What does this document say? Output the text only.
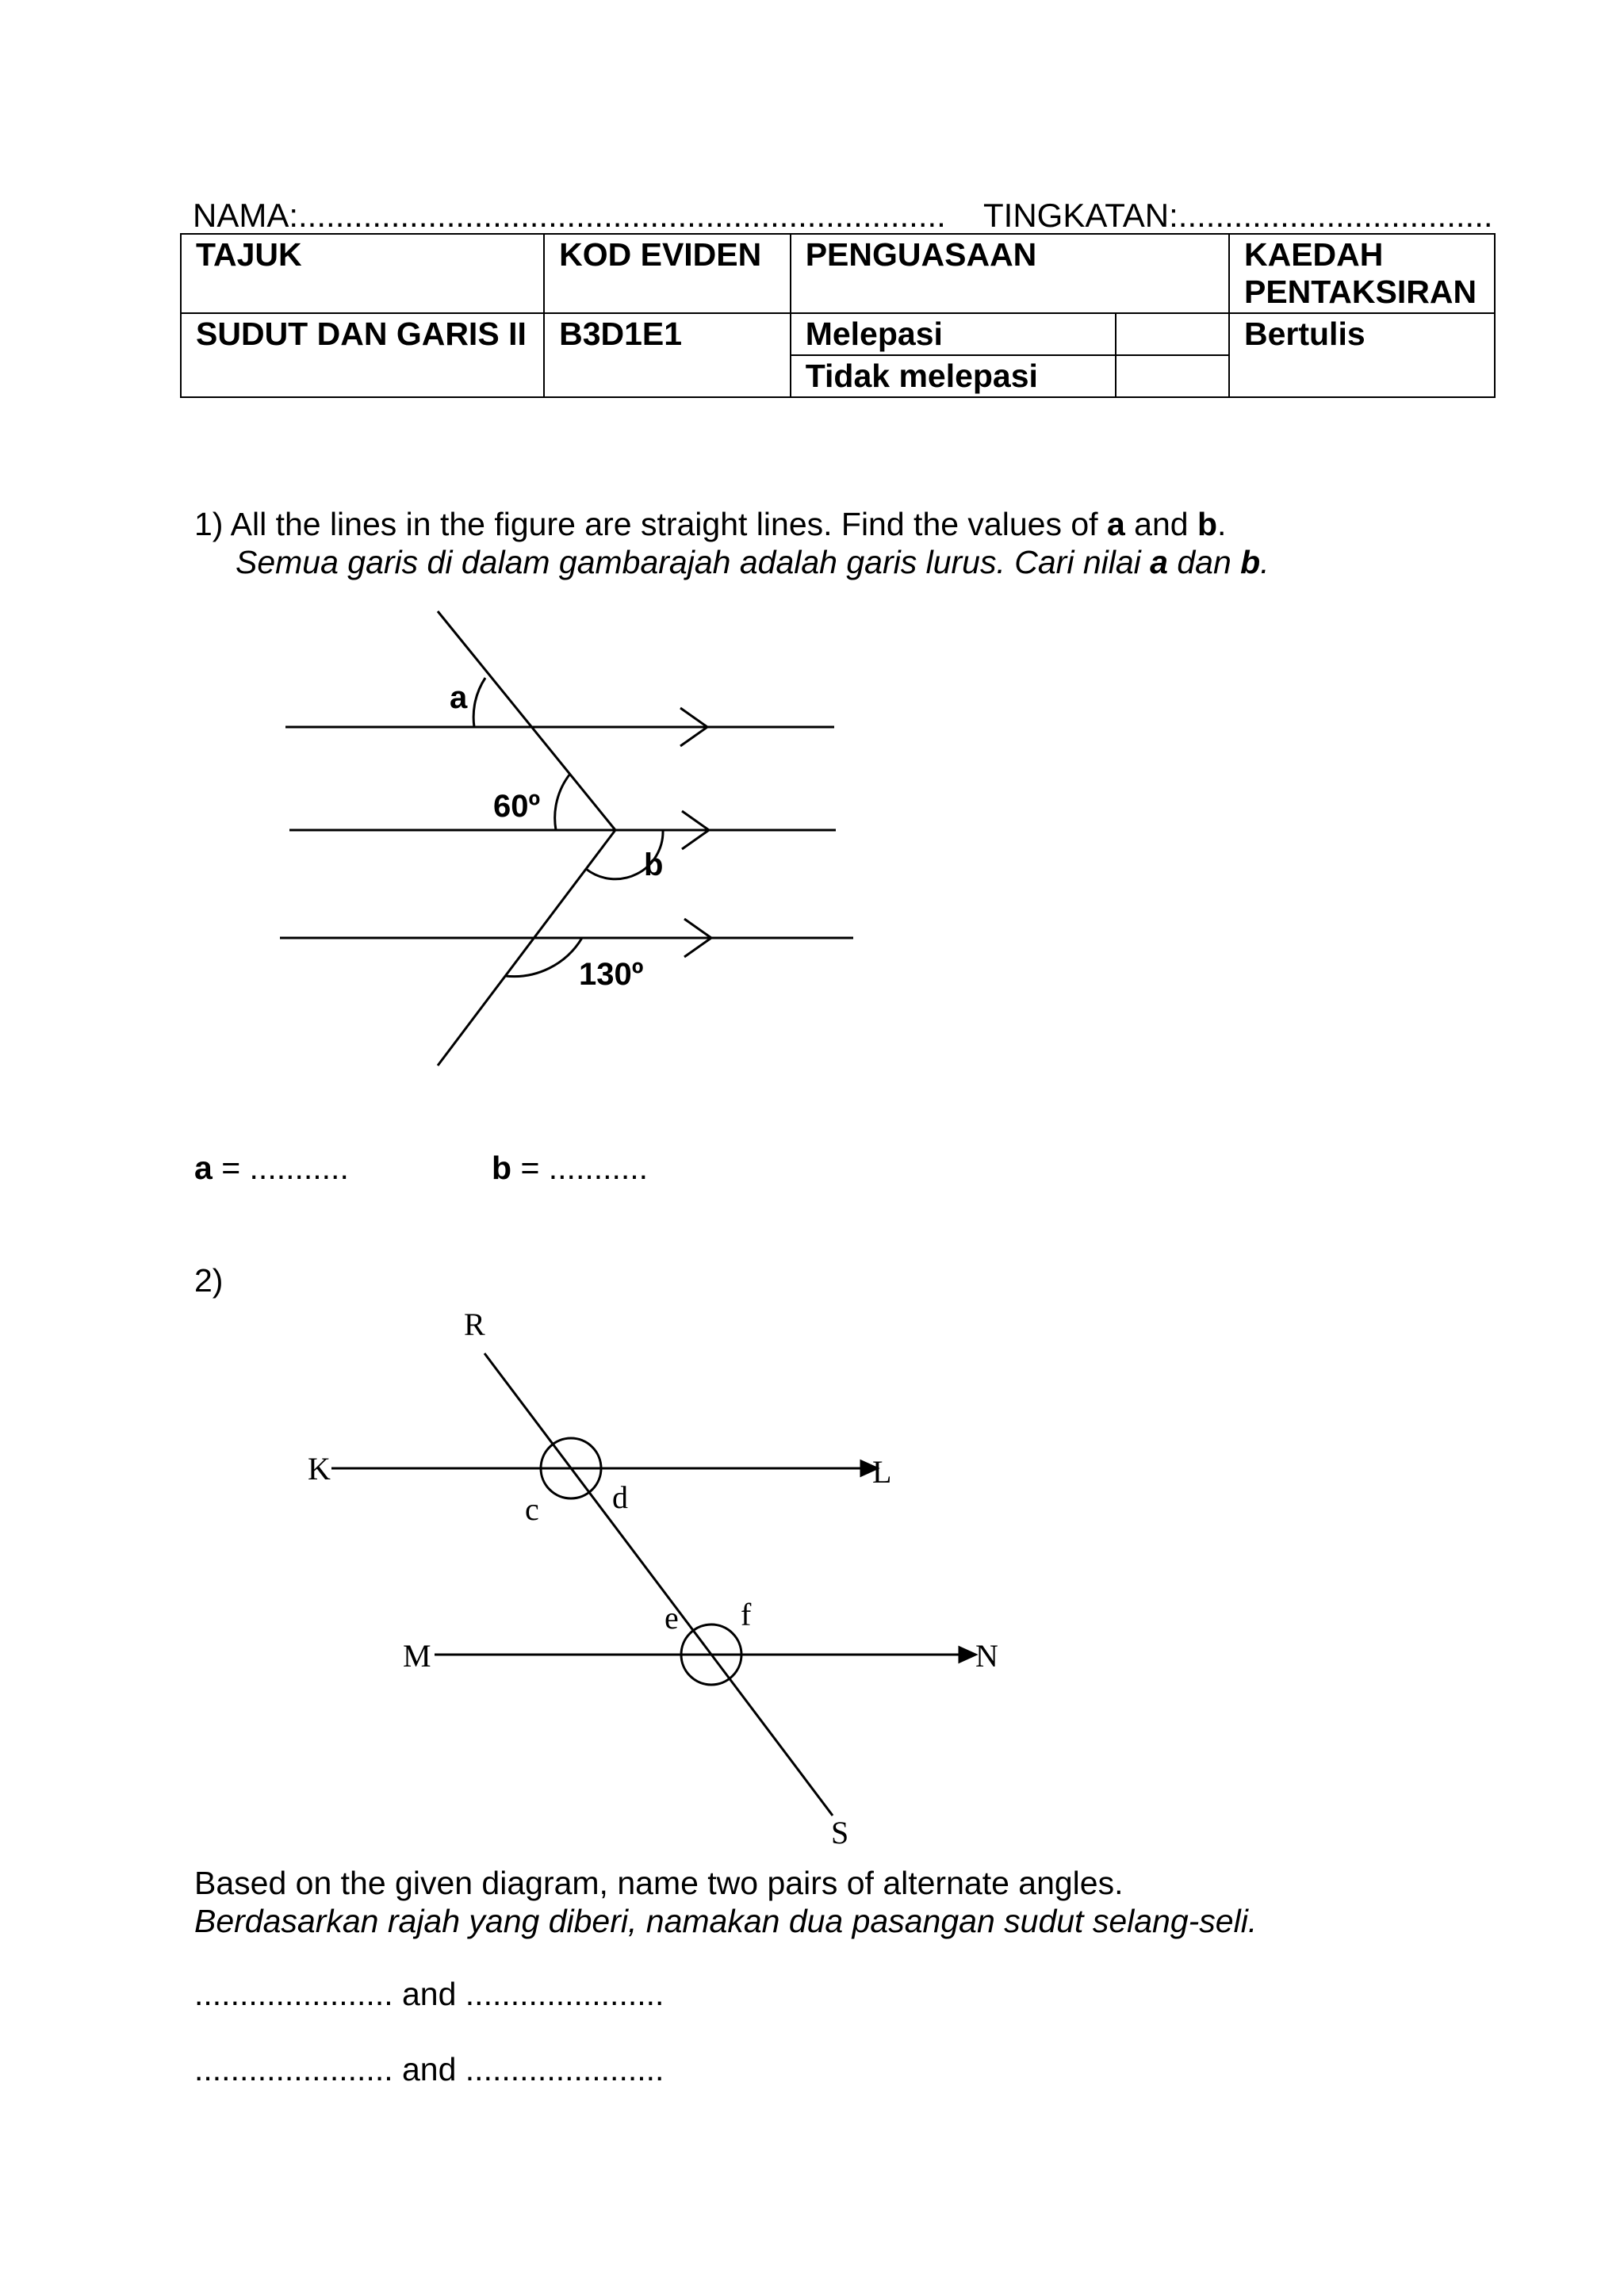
NAMA:...................................................................... TINGKATAN:..................................
TAJUK	KOD EVIDEN	PENGUASAAN		KAEDAH PENTAKSIRAN
SUDUT DAN GARIS II	B3D1E1	Melepasi		Bertulis
		Tidak melepasi		
1) All the lines in the figure are straight lines. Find the values of a and b.
Semua garis di dalam gambarajah adalah garis lurus. Cari nilai a dan b.
a
60º
b
130º
a = ...........	b = ...........
2)
R
K	L
M	N
S
c d
e f
Based on the given diagram, name two pairs of alternate angles.
Berdasarkan rajah yang diberi, namakan dua pasangan sudut selang-seli.
...................... and ......................
...................... and ......................
